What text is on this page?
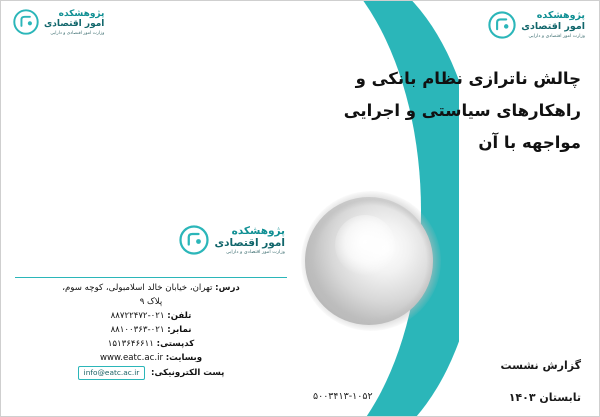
پژوهشکده
امور اقتصادی
وزارت امور اقتصادی و دارایی
پژوهشکده
امور اقتصادی
وزارت امور اقتصادی و دارایی
درس: تهران، خیابان خالد اسلامبولی، کوچه سوم،
پلاک ۹
تلفن: ۰۲۱-۸۸۷۲۲۴۷۲
نمابر: ۰۲۱-۸۸۱۰۰۳۶۳
کدپستی: ۱۵۱۳۶۴۶۶۱۱
وبسایت: www.eatc.ac.ir
پست الکترونیکی: info@eatc.ac.ir
پژوهشکده
امور اقتصادی
وزارت امور اقتصادی و دارایی
چالش ناترازی نظام بانکی و
راهکارهای سیاستی و اجرایی
مواجهه با آن
گزارش نشست
تابستان ۱۴۰۳
۵۰۰۳۴۱۳-۱۰۵۲
